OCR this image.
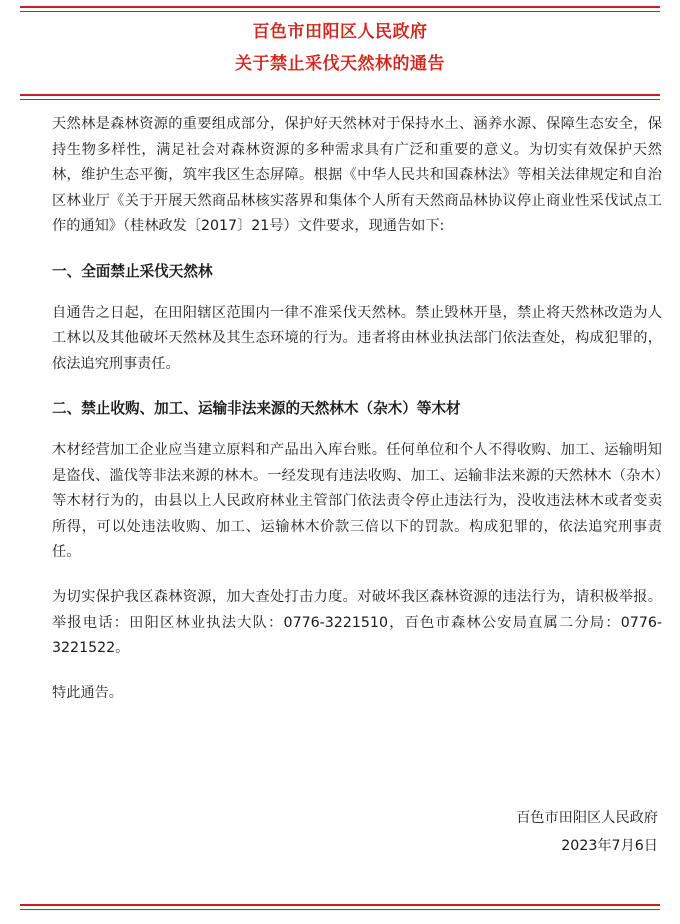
百色市田阳区人民政府
关于禁止采伐天然林的通告

天然林是森林资源的重要组成部分，保护好天然林对于保持水土、涵养水源、保障生态安全，保持生物多样性，满足社会对森林资源的多种需求具有广泛和重要的意义。为切实有效保护天然林，维护生态平衡，筑牢我区生态屏障。根据《中华人民共和国森林法》等相关法律规定和自治区林业厅《关于开展天然商品林核实落界和集体个人所有天然商品林协议停止商业性采伐试点工作的通知》（桂林政发〔2017〕21号）文件要求，现通告如下:

一、全面禁止采伐天然林

自通告之日起，在田阳辖区范围内一律不准采伐天然林。禁止毁林开垦，禁止将天然林改造为人工林以及其他破坏天然林及其生态环境的行为。违者将由林业执法部门依法查处，构成犯罪的，依法追究刑事责任。

二、禁止收购、加工、运输非法来源的天然林木（杂木）等木材

木材经营加工企业应当建立原料和产品出入库台账。任何单位和个人不得收购、加工、运输明知是盗伐、滥伐等非法来源的林木。一经发现有违法收购、加工、运输非法来源的天然林木（杂木）等木材行为的，由县以上人民政府林业主管部门依法责令停止违法行为，没收违法林木或者变卖所得，可以处违法收购、加工、运输林木价款三倍以下的罚款。构成犯罪的，依法追究刑事责任。

为切实保护我区森林资源，加大查处打击力度。对破坏我区森林资源的违法行为，请积极举报。举报电话：田阳区林业执法大队：0776-3221510，百色市森林公安局直属二分局：0776-3221522。

特此通告。

百色市田阳区人民政府
2023年7月6日
